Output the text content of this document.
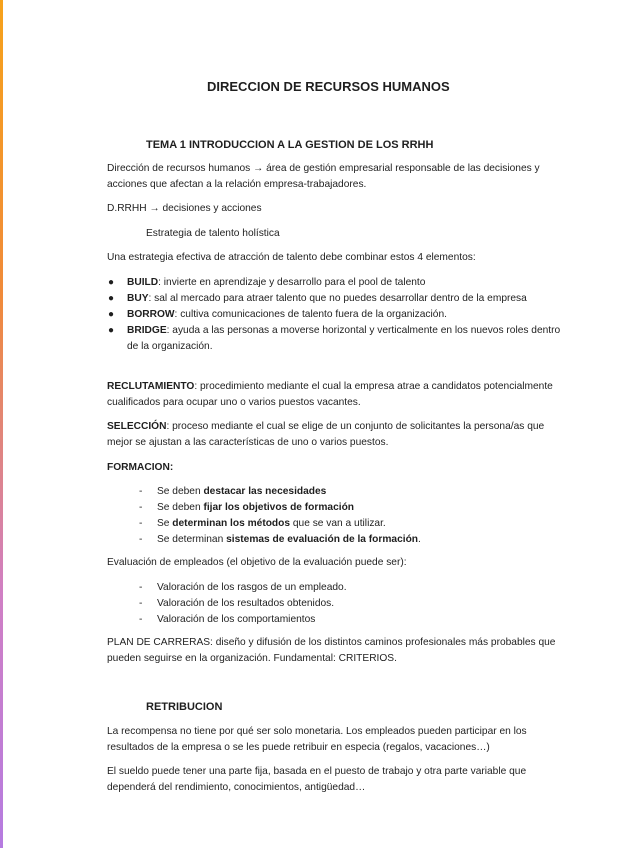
DIRECCION DE RECURSOS HUMANOS
TEMA 1 INTRODUCCION A LA GESTION DE LOS RRHH

Dirección de recursos humanos → área de gestión empresarial responsable de las decisiones y acciones que afectan a la relación empresa-trabajadores.

D.RRHH → decisiones y acciones

Estrategia de talento holística

Una estrategia efectiva de atracción de talento debe combinar estos 4 elementos:

● BUILD: invierte en aprendizaje y desarrollo para el pool de talento
● BUY: sal al mercado para atraer talento que no puedes desarrollar dentro de la empresa
● BORROW: cultiva comunicaciones de talento fuera de la organización.
● BRIDGE: ayuda a las personas a moverse horizontal y verticalmente en los nuevos roles dentro de la organización.

RECLUTAMIENTO: procedimiento mediante el cual la empresa atrae a candidatos potencialmente cualificados para ocupar uno o varios puestos vacantes.

SELECCIÓN: proceso mediante el cual se elige de un conjunto de solicitantes la persona/as que mejor se ajustan a las características de uno o varios puestos.

FORMACION:

- Se deben destacar las necesidades
- Se deben fijar los objetivos de formación
- Se determinan los métodos que se van a utilizar.
- Se determinan sistemas de evaluación de la formación.

Evaluación de empleados (el objetivo de la evaluación puede ser):

- Valoración de los rasgos de un empleado.
- Valoración de los resultados obtenidos.
- Valoración de los comportamientos

PLAN DE CARRERAS: diseño y difusión de los distintos caminos profesionales más probables que pueden seguirse en la organización. Fundamental: CRITERIOS.

RETRIBUCION

La recompensa no tiene por qué ser solo monetaria. Los empleados pueden participar en los resultados de la empresa o se les puede retribuir en especia (regalos, vacaciones…)

El sueldo puede tener una parte fija, basada en el puesto de trabajo y otra parte variable que dependerá del rendimiento, conocimientos, antigüedad…
